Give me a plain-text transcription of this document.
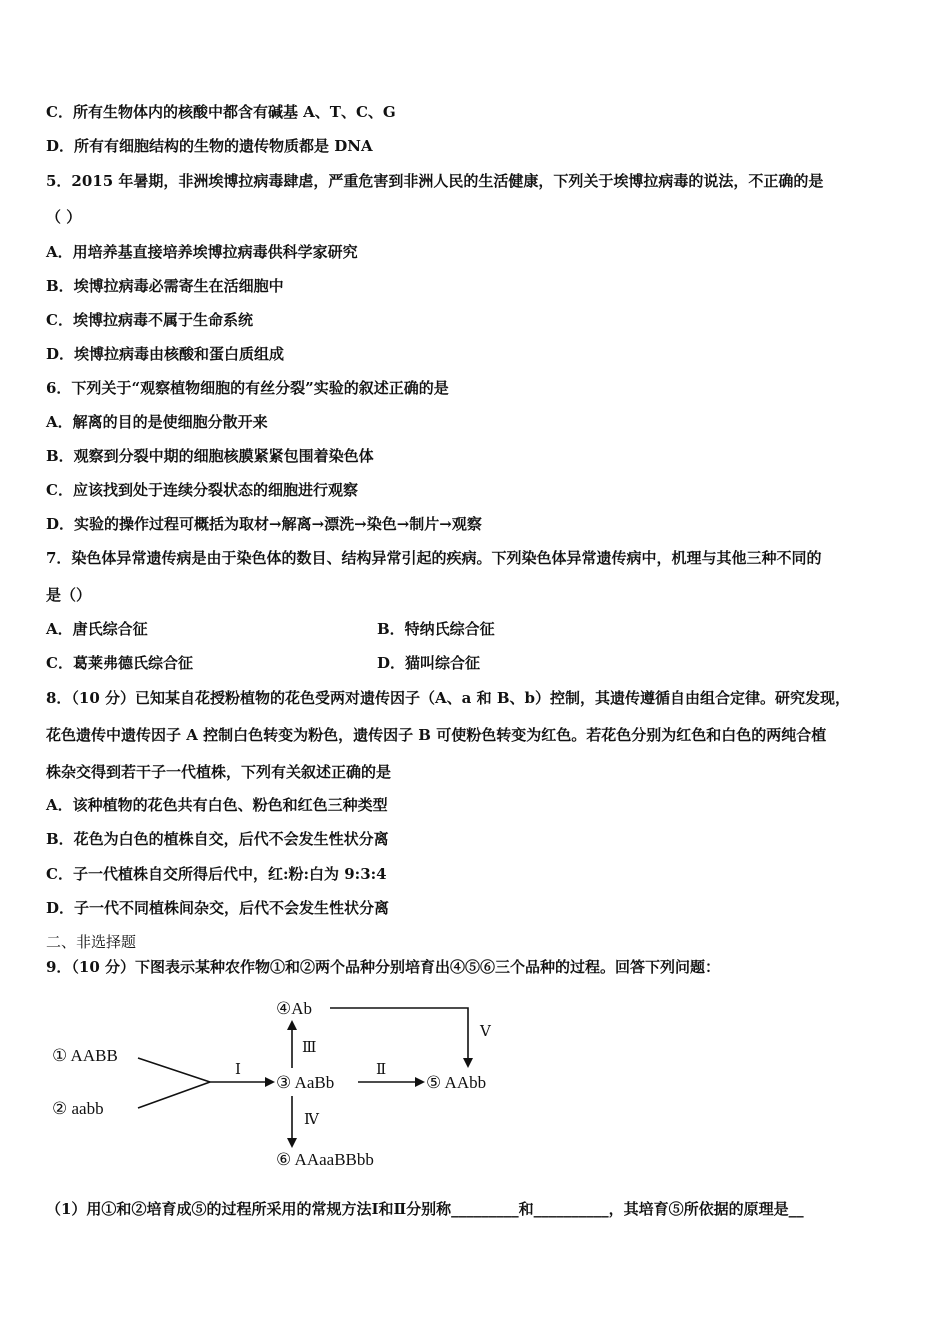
C．所有生物体内的核酸中都含有碱基 A、T、C、G
D．所有有细胞结构的生物的遗传物质都是 DNA
5．2015 年暑期，非洲埃博拉病毒肆虐，严重危害到非洲人民的生活健康，下列关于埃博拉病毒的说法，不正确的是
（ ）
A．用培养基直接培养埃博拉病毒供科学家研究
B．埃博拉病毒必需寄生在活细胞中
C．埃博拉病毒不属于生命系统
D．埃博拉病毒由核酸和蛋白质组成
6．下列关于“观察植物细胞的有丝分裂”实验的叙述正确的是
A．解离的目的是使细胞分散开来
B．观察到分裂中期的细胞核膜紧紧包围着染色体
C．应该找到处于连续分裂状态的细胞进行观察
D．实验的操作过程可概括为取材→解离→漂洗→染色→制片→观察
7．染色体异常遗传病是由于染色体的数目、结构异常引起的疾病。下列染色体异常遗传病中，机理与其他三种不同的
是（）
A．唐氏综合征	B．特纳氏综合征
C．葛莱弗德氏综合征	D．猫叫综合征
8．（10 分）已知某自花授粉植物的花色受两对遗传因子（A、a 和 B、b）控制，其遗传遵循自由组合定律。研究发现，
花色遗传中遗传因子 A 控制白色转变为粉色，遗传因子 B 可使粉色转变为红色。若花色分别为红色和白色的两纯合植
株杂交得到若干子一代植株，下列有关叙述正确的是
A．该种植物的花色共有白色、粉色和红色三种类型
B．花色为白色的植株自交，后代不会发生性状分离
C．子一代植株自交所得后代中，红:粉:白为 9:3:4
D．子一代不同植株间杂交，后代不会发生性状分离
二、非选择题
9．（10 分）下图表示某种农作物①和②两个品种分别培育出④⑤⑥三个品种的过程。回答下列问题：
① AABB
② aabb
③ AaBb
④Ab
⑤ AAbb
⑥ AAaaBBbb
Ⅰ	Ⅱ
Ⅲ
Ⅳ
Ⅴ
（1）用①和②培育成⑤的过程所采用的常规方法Ⅰ和Ⅱ分别称_________和__________，其培育⑤所依据的原理是__
